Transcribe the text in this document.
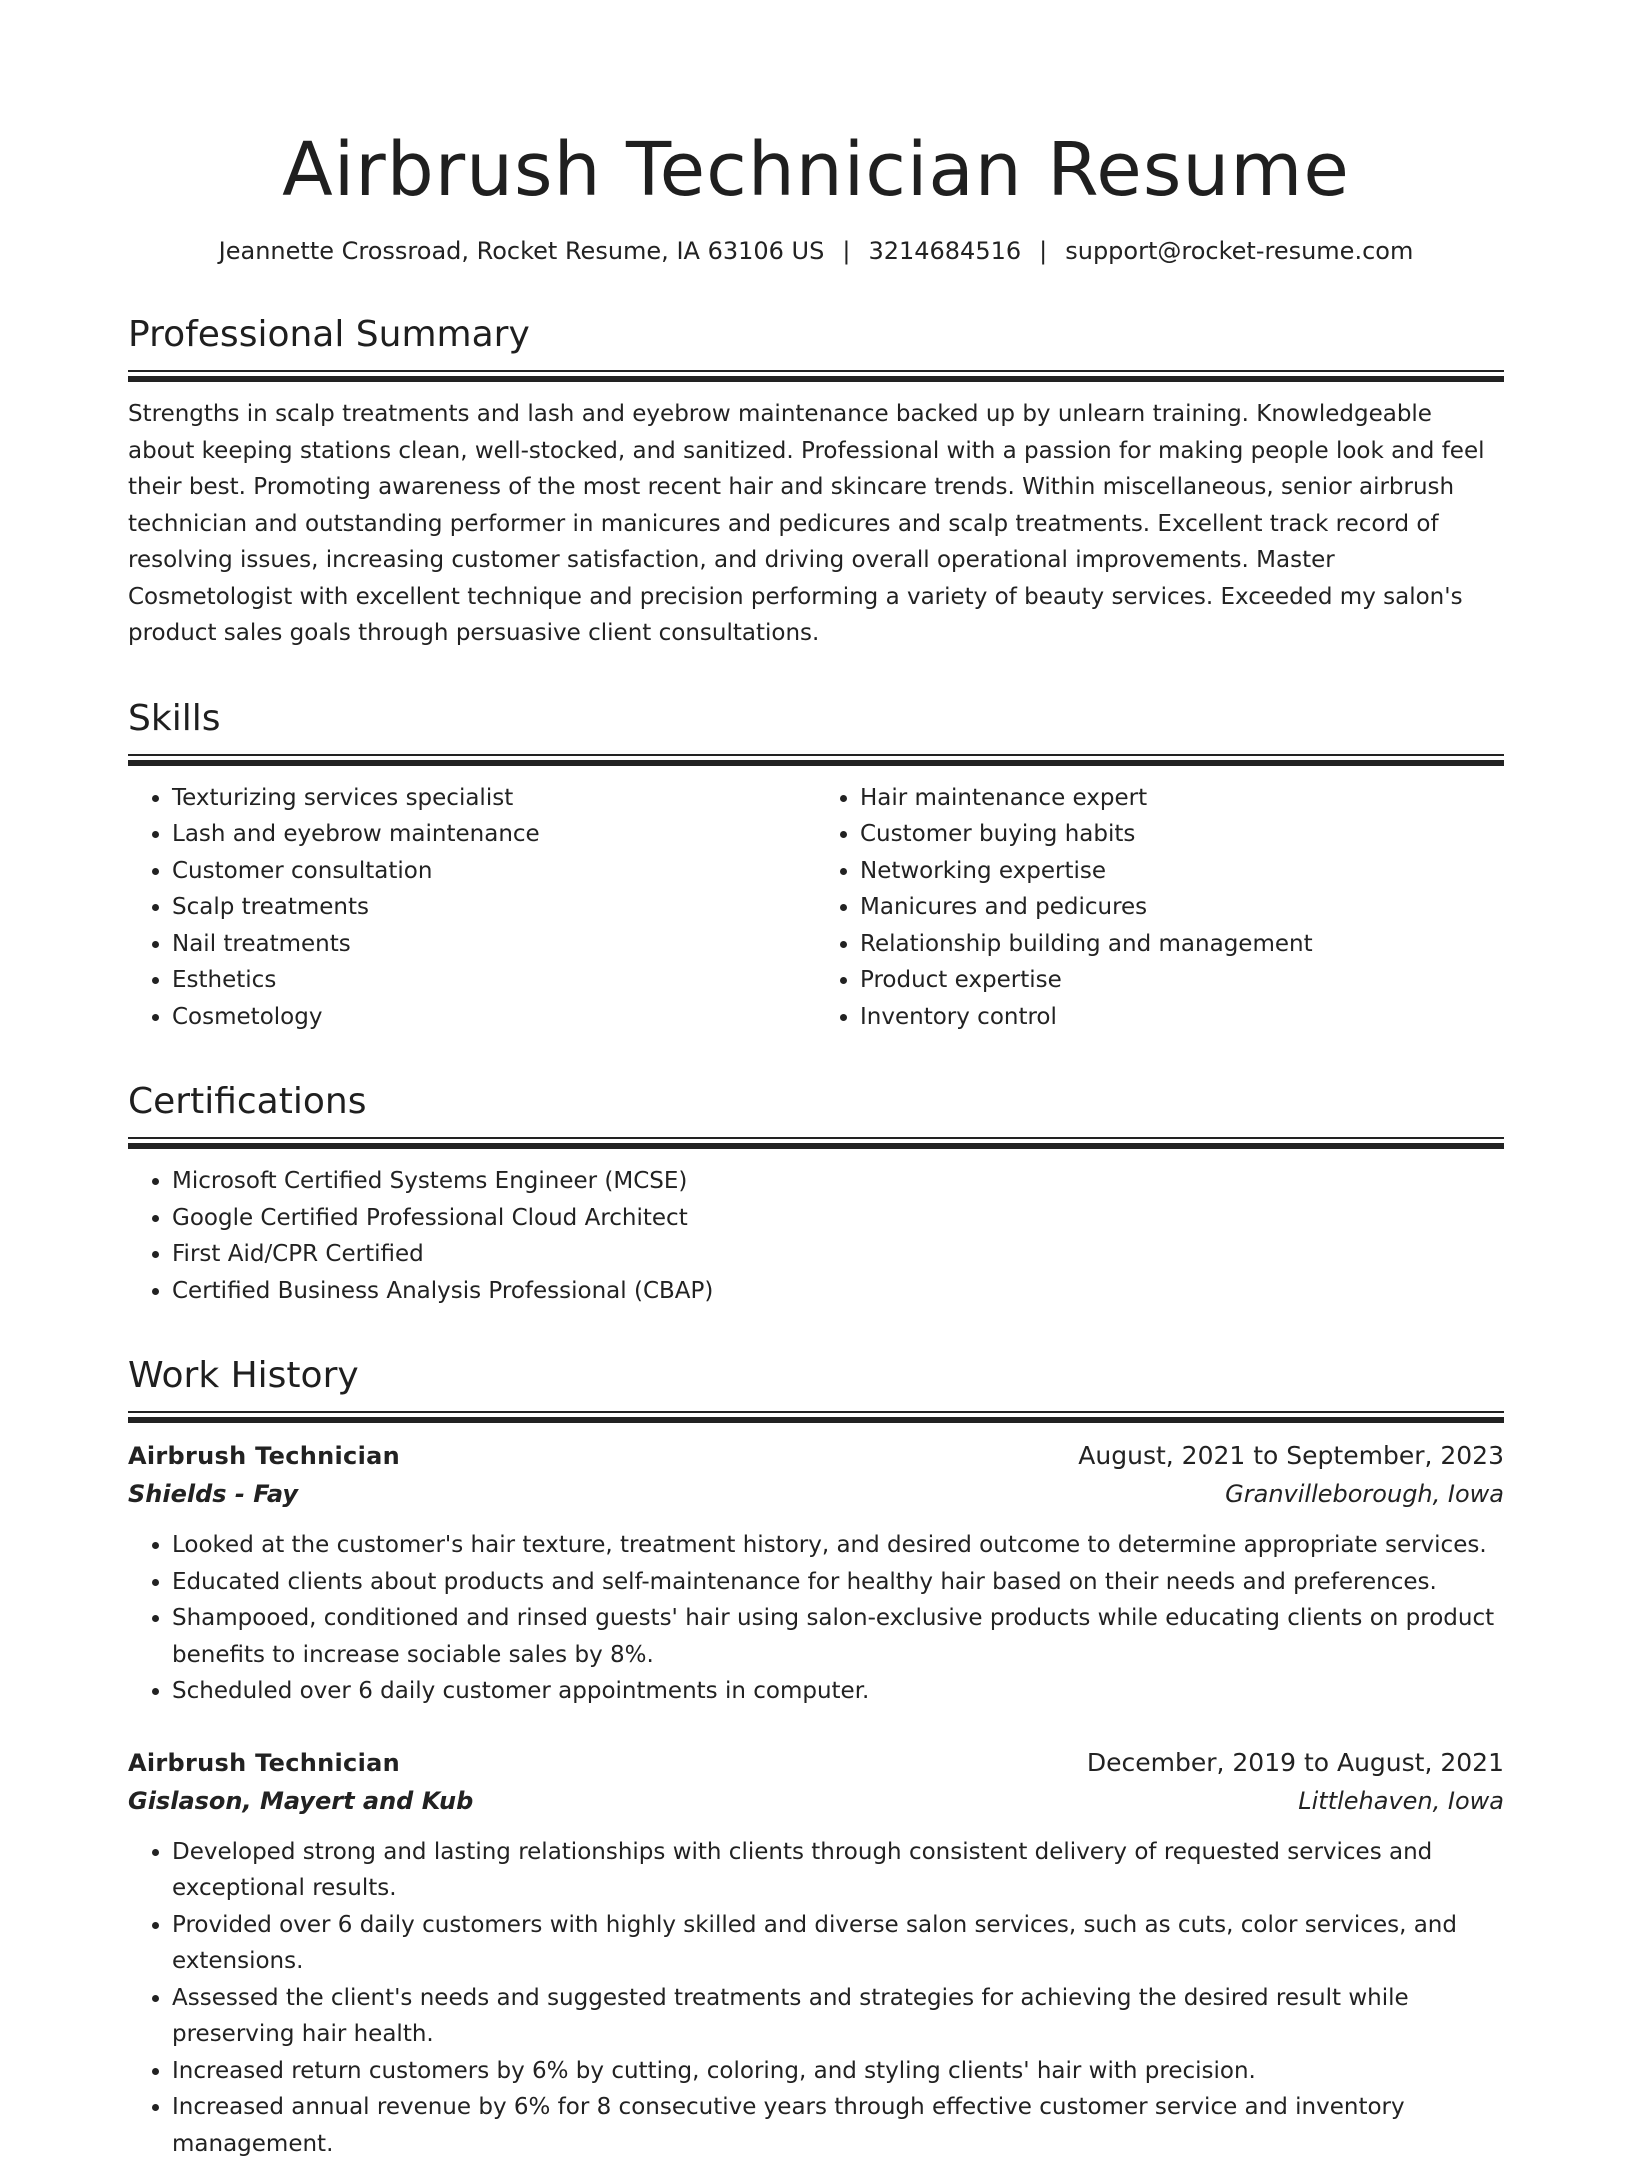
Airbrush Technician Resume
Jeannette Crossroad, Rocket Resume, IA 63106 US | 3214684516 | support@rocket-resume.com
Professional Summary

Strengths in scalp treatments and lash and eyebrow maintenance backed up by unlearn training. Knowledgeable about keeping stations clean, well-stocked, and sanitized. Professional with a passion for making people look and feel their best. Promoting awareness of the most recent hair and skincare trends. Within miscellaneous, senior airbrush technician and outstanding performer in manicures and pedicures and scalp treatments. Excellent track record of resolving issues, increasing customer satisfaction, and driving overall operational improvements. Master Cosmetologist with excellent technique and precision performing a variety of beauty services. Exceeded my salon's product sales goals through persuasive client consultations.

Skills
• Texturizing services specialist
• Lash and eyebrow maintenance
• Customer consultation
• Scalp treatments
• Nail treatments
• Esthetics
• Cosmetology
• Hair maintenance expert
• Customer buying habits
• Networking expertise
• Manicures and pedicures
• Relationship building and management
• Product expertise
• Inventory control
Certifications
• Microsoft Certified Systems Engineer (MCSE)
• Google Certified Professional Cloud Architect
• First Aid/CPR Certified
• Certified Business Analysis Professional (CBAP)
Work History
Airbrush Technician	August, 2021 to September, 2023
Shields - Fay	Granvilleborough, Iowa
• Looked at the customer's hair texture, treatment history, and desired outcome to determine appropriate services.
• Educated clients about products and self-maintenance for healthy hair based on their needs and preferences.
• Shampooed, conditioned and rinsed guests' hair using salon-exclusive products while educating clients on product benefits to increase sociable sales by 8%.
• Scheduled over 6 daily customer appointments in computer.
Airbrush Technician	December, 2019 to August, 2021
Gislason, Mayert and Kub	Littlehaven, Iowa
• Developed strong and lasting relationships with clients through consistent delivery of requested services and exceptional results.
• Provided over 6 daily customers with highly skilled and diverse salon services, such as cuts, color services, and extensions.
• Assessed the client's needs and suggested treatments and strategies for achieving the desired result while preserving hair health.
• Increased return customers by 6% by cutting, coloring, and styling clients' hair with precision.
• Increased annual revenue by 6% for 8 consecutive years through effective customer service and inventory management.
